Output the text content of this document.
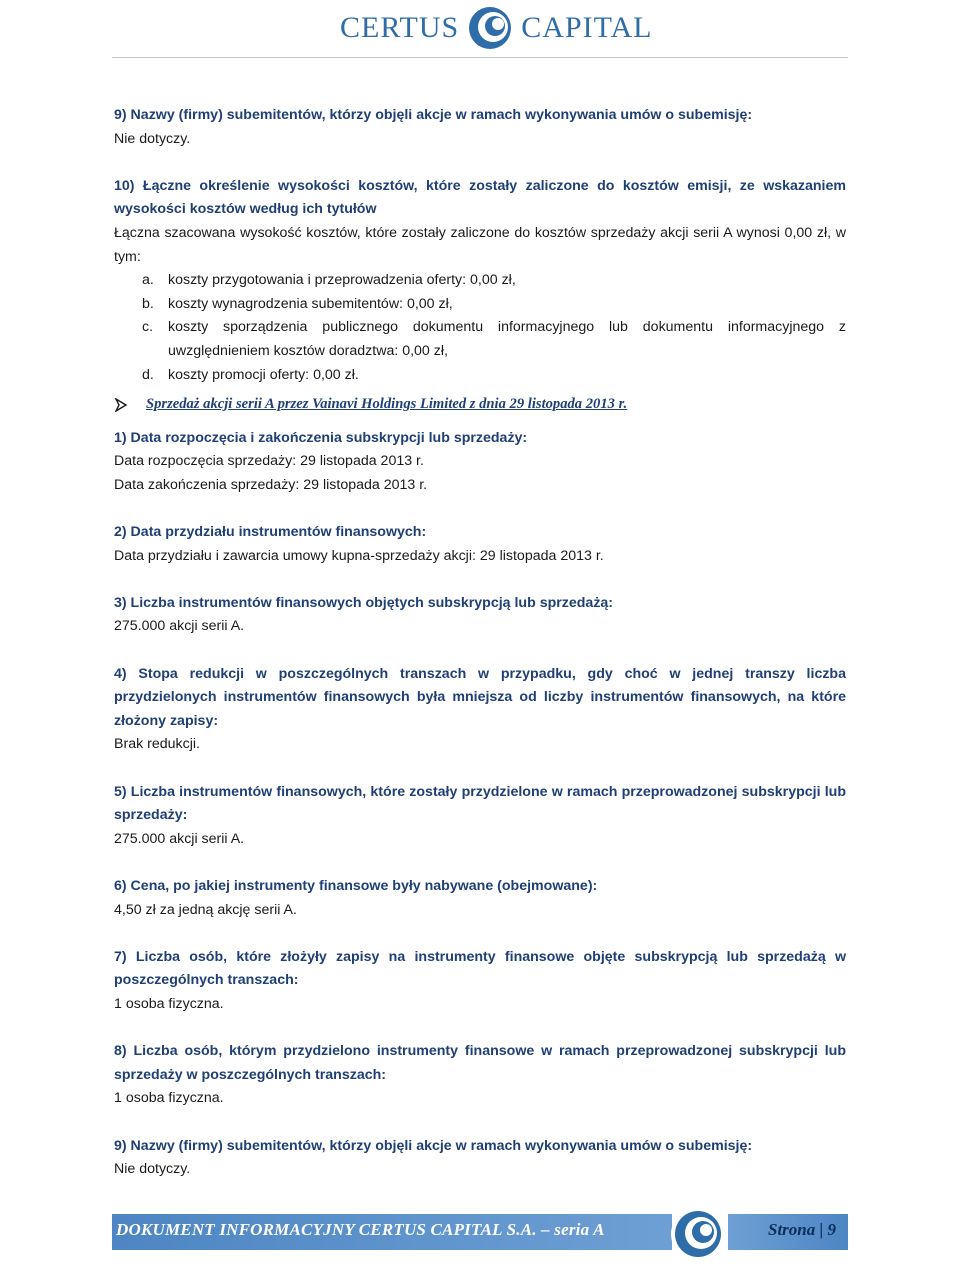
CERTUS CAPITAL

9) Nazwy (firmy) subemitentów, którzy objęli akcje w ramach wykonywania umów o subemisję:

Nie dotyczy.

10) Łączne określenie wysokości kosztów, które zostały zaliczone do kosztów emisji, ze wskazaniem wysokości kosztów według ich tytułów

Łączna szacowana wysokość kosztów, które zostały zaliczone do kosztów sprzedaży akcji serii A wynosi 0,00 zł, w tym:

a. koszty przygotowania i przeprowadzenia oferty: 0,00 zł,
b. koszty wynagrodzenia subemitentów: 0,00 zł,
c.	koszty sporządzenia publicznego dokumentu informacyjnego lub dokumentu informacyjnego z uwzględnieniem kosztów doradztwa: 0,00 zł,
d. koszty promocji oferty: 0,00 zł.
Sprzedaż akcji serii A przez Vainavi Holdings Limited z dnia 29 listopada 2013 r.

1) Data rozpoczęcia i zakończenia subskrypcji lub sprzedaży:

Data rozpoczęcia sprzedaży: 29 listopada 2013 r.

Data zakończenia sprzedaży: 29 listopada 2013 r.

2) Data przydziału instrumentów finansowych:

Data przydziału i zawarcia umowy kupna-sprzedaży akcji: 29 listopada 2013 r.

3) Liczba instrumentów finansowych objętych subskrypcją lub sprzedażą:

275.000 akcji serii A.

4) Stopa redukcji w poszczególnych transzach w przypadku, gdy choć w jednej transzy liczba przydzielonych instrumentów finansowych była mniejsza od liczby instrumentów finansowych, na które złożony zapisy:

Brak redukcji.

5) Liczba instrumentów finansowych, które zostały przydzielone w ramach przeprowadzonej subskrypcji lub sprzedaży:

275.000 akcji serii A.

6) Cena, po jakiej instrumenty finansowe były nabywane (obejmowane):

4,50 zł za jedną akcję serii A.

7) Liczba osób, które złożyły zapisy na instrumenty finansowe objęte subskrypcją lub sprzedażą w poszczególnych transzach:

1 osoba fizyczna.

8) Liczba osób, którym przydzielono instrumenty finansowe w ramach przeprowadzonej subskrypcji lub sprzedaży w poszczególnych transzach:

1 osoba fizyczna.

9) Nazwy (firmy) subemitentów, którzy objęli akcje w ramach wykonywania umów o subemisję:

Nie dotyczy.

DOKUMENT INFORMACYJNY CERTUS CAPITAL S.A. – seria A	Strona | 9
